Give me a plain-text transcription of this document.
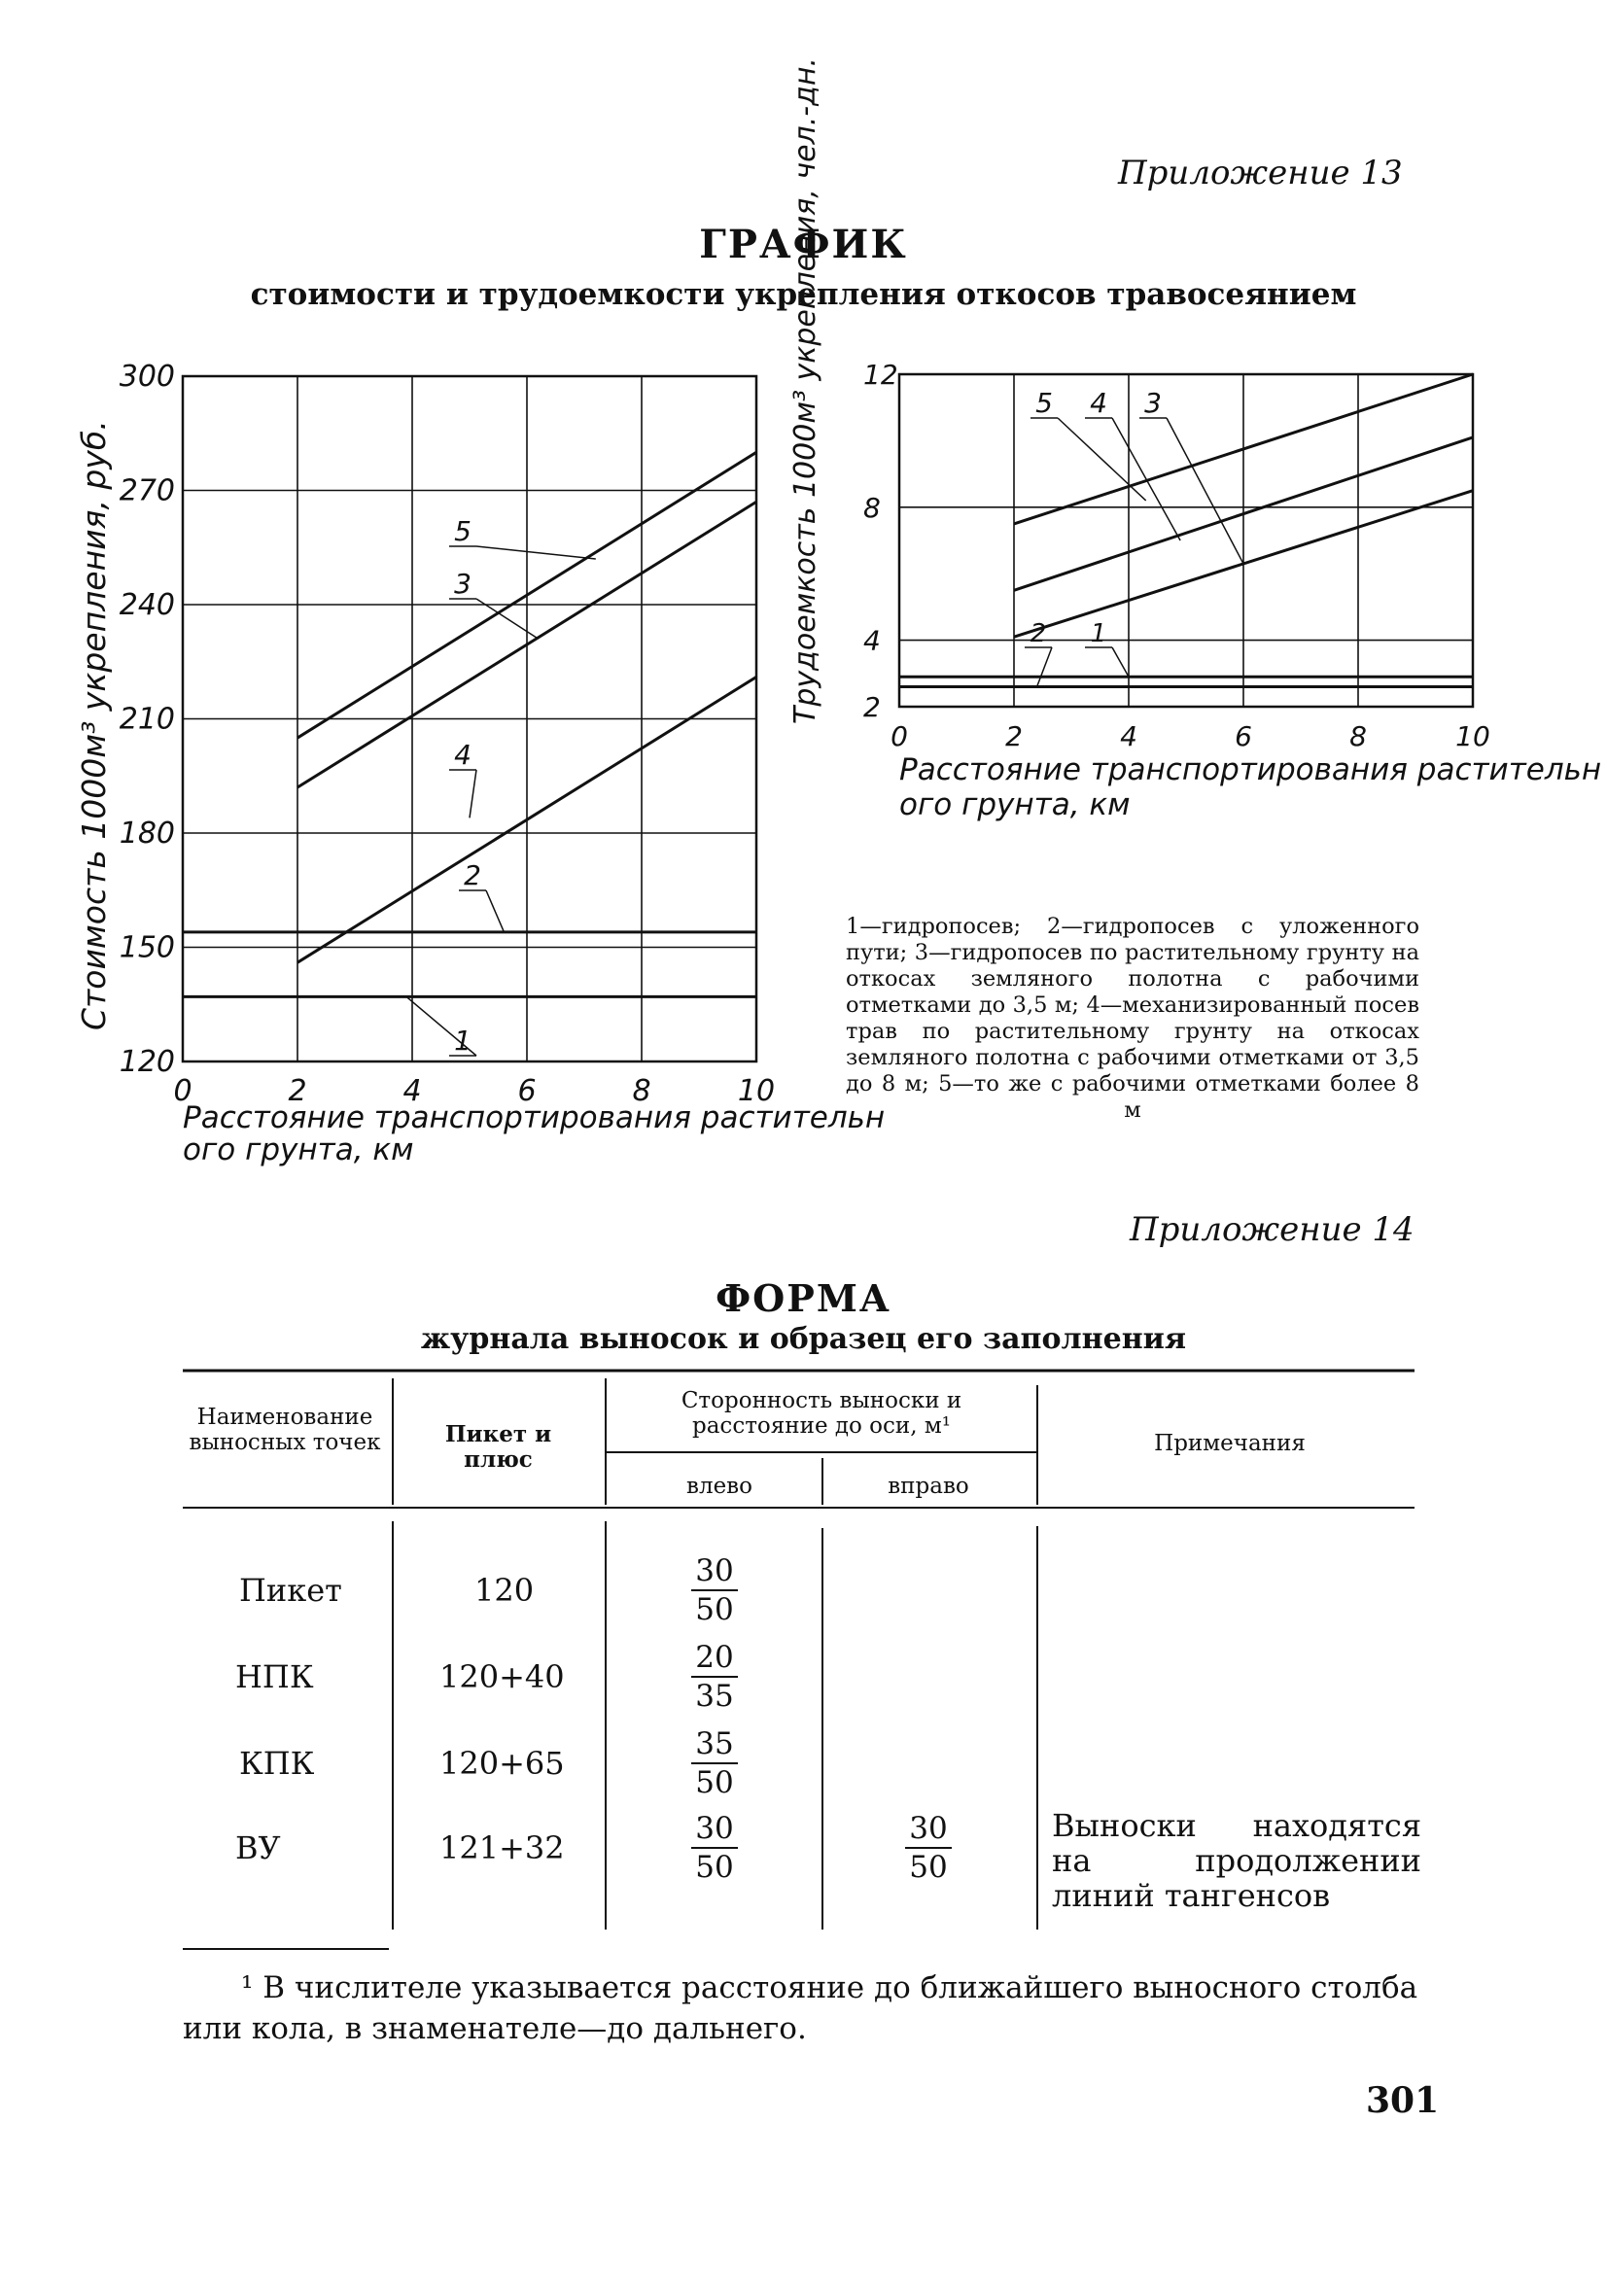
Приложение 13
ГРАФИК
стоимости и трудоемкости укрепления откосов травосеянием
0	2	4	6	8	10
120
150
180
210
240
270
300
Стоимость 1000м³ укрепления, руб.
Расстояние транспортирования растительн
ого грунта, км
5
3
4
2
1
0	2	4	6	8	10
2
4
8
12
Трудоемкость 1000м³ укрепления, чел.-дн.
Расстояние транспортирования растительн
ого грунта, км
5 4 3
2 1
1—гидропосев; 2—гидропосев с уложенного пути; 3—гидропосев по растительному грунту на откосах земляного полотна с рабочими отметками до 3,5 м; 4—механизированный посев трав по растительному грунту на откосах земляного полотна с рабочими отметками от 3,5 до 8 м; 5—то же с рабочими отметками более 8 м
Приложение 14
ФОРМА
журнала выносок и образец его заполнения
Наименование выносных точек	Пикет и плюс
Сторонность выноски и расстояние до оси, м¹
влево	вправо
Примечания
Пикет	120	$\frac{30}{50}$
НПК	120+40	$\frac{20}{35}$
КПК	120+65	$\frac{35}{50}$
ВУ	121+32	$\frac{30}{50}$	$\frac{30}{50}$	Выноски находятся на продолжении линий тангенсов
¹ В числителе указывается расстояние до ближайшего выносного столба или кола, в знаменателе—до дальнего.
301
